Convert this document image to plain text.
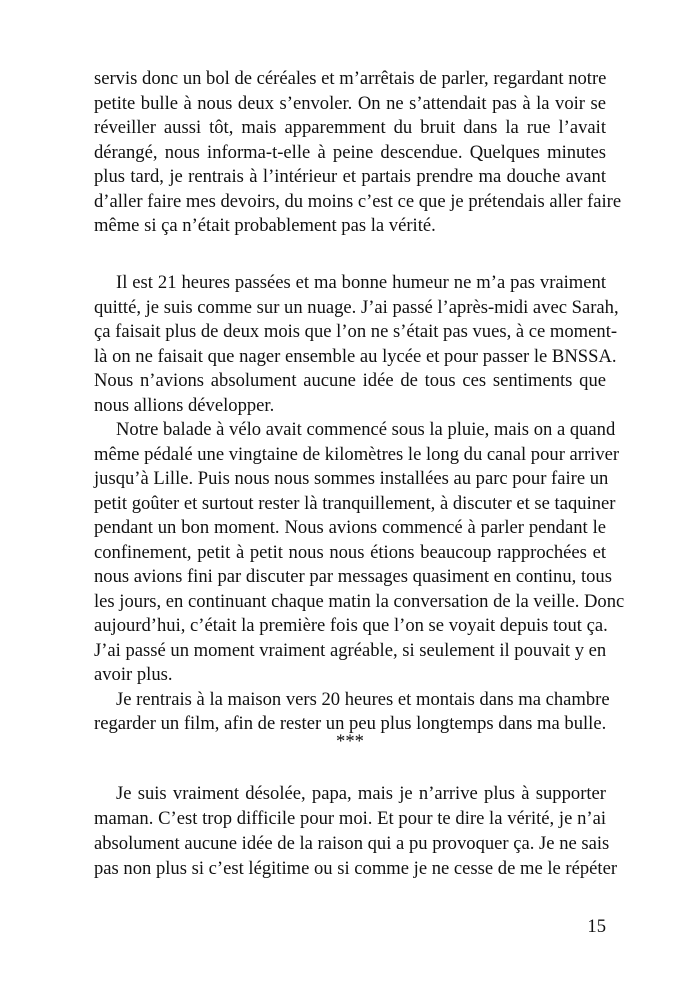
servis donc un bol de céréales et m’arrêtais de parler, regardant notre
petite bulle à nous deux s’envoler. On ne s’attendait pas à la voir se
réveiller aussi tôt, mais apparemment du bruit dans la rue l’avait
dérangé, nous informa-t-elle à peine descendue. Quelques minutes
plus tard, je rentrais à l’intérieur et partais prendre ma douche avant
d’aller faire mes devoirs, du moins c’est ce que je prétendais aller faire
même si ça n’était probablement pas la vérité.
Il est 21 heures passées et ma bonne humeur ne m’a pas vraiment
quitté, je suis comme sur un nuage. J’ai passé l’après-midi avec Sarah,
ça faisait plus de deux mois que l’on ne s’était pas vues, à ce moment-
là on ne faisait que nager ensemble au lycée et pour passer le BNSSA.
Nous n’avions absolument aucune idée de tous ces sentiments que
nous allions développer.
Notre balade à vélo avait commencé sous la pluie, mais on a quand
même pédalé une vingtaine de kilomètres le long du canal pour arriver
jusqu’à Lille. Puis nous nous sommes installées au parc pour faire un
petit goûter et surtout rester là tranquillement, à discuter et se taquiner
pendant un bon moment. Nous avions commencé à parler pendant le
confinement, petit à petit nous nous étions beaucoup rapprochées et
nous avions fini par discuter par messages quasiment en continu, tous
les jours, en continuant chaque matin la conversation de la veille. Donc
aujourd’hui, c’était la première fois que l’on se voyait depuis tout ça.
J’ai passé un moment vraiment agréable, si seulement il pouvait y en
avoir plus.
Je rentrais à la maison vers 20 heures et montais dans ma chambre
regarder un film, afin de rester un peu plus longtemps dans ma bulle.
***
Je suis vraiment désolée, papa, mais je n’arrive plus à supporter
maman. C’est trop difficile pour moi. Et pour te dire la vérité, je n’ai
absolument aucune idée de la raison qui a pu provoquer ça. Je ne sais
pas non plus si c’est légitime ou si comme je ne cesse de me le répéter
15
